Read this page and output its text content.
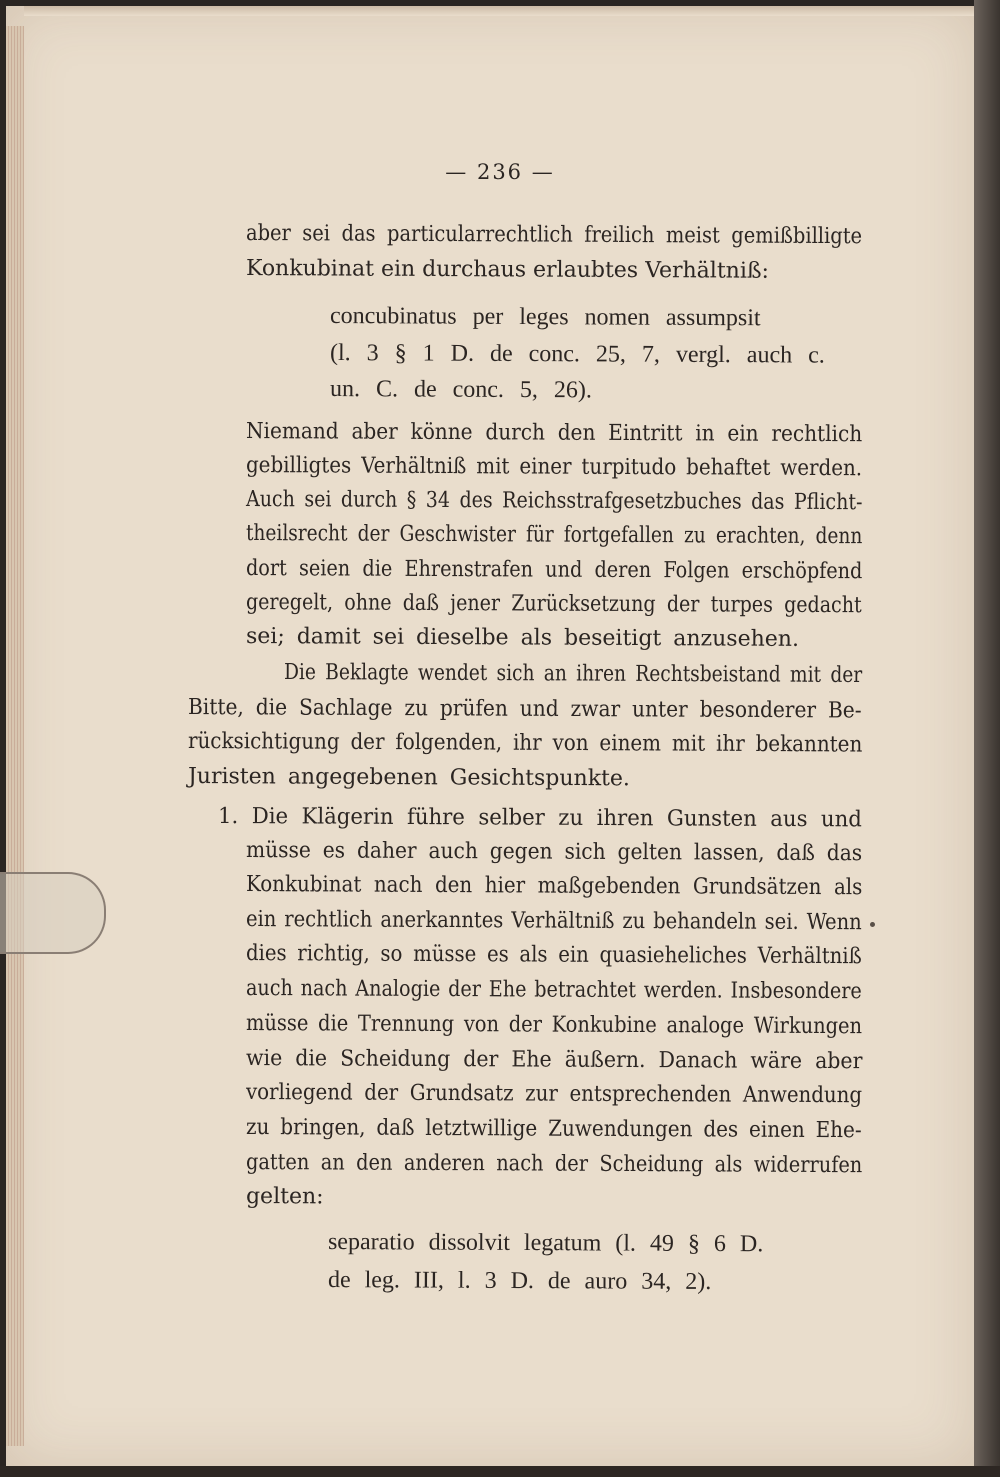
— 236 —
aber sei das particularrechtlich freilich meist gemißbilligte
Konkubinat ein durchaus erlaubtes Verhältniß:
concubinatus per leges nomen assumpsit
(l. 3 § 1 D. de conc. 25, 7, vergl. auch c.
un. C. de conc. 5, 26).
Niemand aber könne durch den Eintritt in ein rechtlich
gebilligtes Verhältniß mit einer turpitudo behaftet werden.
Auch sei durch § 34 des Reichsstrafgesetzbuches das Pflicht-
theilsrecht der Geschwister für fortgefallen zu erachten, denn
dort seien die Ehrenstrafen und deren Folgen erschöpfend
geregelt, ohne daß jener Zurücksetzung der turpes gedacht
sei; damit sei dieselbe als beseitigt anzusehen.
Die Beklagte wendet sich an ihren Rechtsbeistand mit der
Bitte, die Sachlage zu prüfen und zwar unter besonderer Be-
rücksichtigung der folgenden, ihr von einem mit ihr bekannten
Juristen angegebenen Gesichtspunkte.
1. Die Klägerin führe selber zu ihren Gunsten aus und
müsse es daher auch gegen sich gelten lassen, daß das
Konkubinat nach den hier maßgebenden Grundsätzen als
ein rechtlich anerkanntes Verhältniß zu behandeln sei. Wenn
dies richtig, so müsse es als ein quasieheliches Verhältniß
auch nach Analogie der Ehe betrachtet werden. Insbesondere
müsse die Trennung von der Konkubine analoge Wirkungen
wie die Scheidung der Ehe äußern. Danach wäre aber
vorliegend der Grundsatz zur entsprechenden Anwendung
zu bringen, daß letztwillige Zuwendungen des einen Ehe-
gatten an den anderen nach der Scheidung als widerrufen
gelten:
separatio dissolvit legatum (l. 49 § 6 D.
de leg. III, l. 3 D. de auro 34, 2).
